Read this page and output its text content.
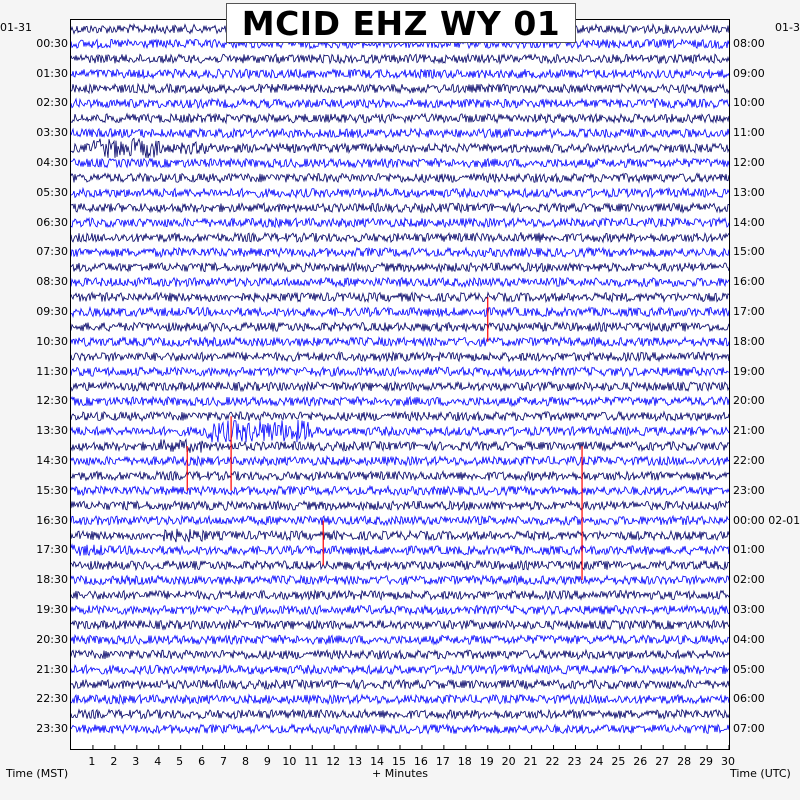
MCID EHZ WY 01
01-31	01-3
00:30
01:30
02:30
03:30
04:30
05:30
06:30
07:30
08:30
09:30
10:30
11:30
12:30
13:30
14:30
15:30
16:30
17:30
18:30
19:30
20:30
21:30
22:30
23:30
08:00
09:00
10:00
11:00
12:00
13:00
14:00
15:00
16:00
17:00
18:00
19:00
20:00
21:00
22:00
23:00
00:00 02-01
01:00
02:00
03:00
04:00
05:00
06:00
07:00
1	2	3	4	5	6	7	8	9	10 11 12 13 14 15 16 17 18 19 20 21 22 23 24 25 26 27 28 29 30
Time (MST)	+ Minutes	Time (UTC)
